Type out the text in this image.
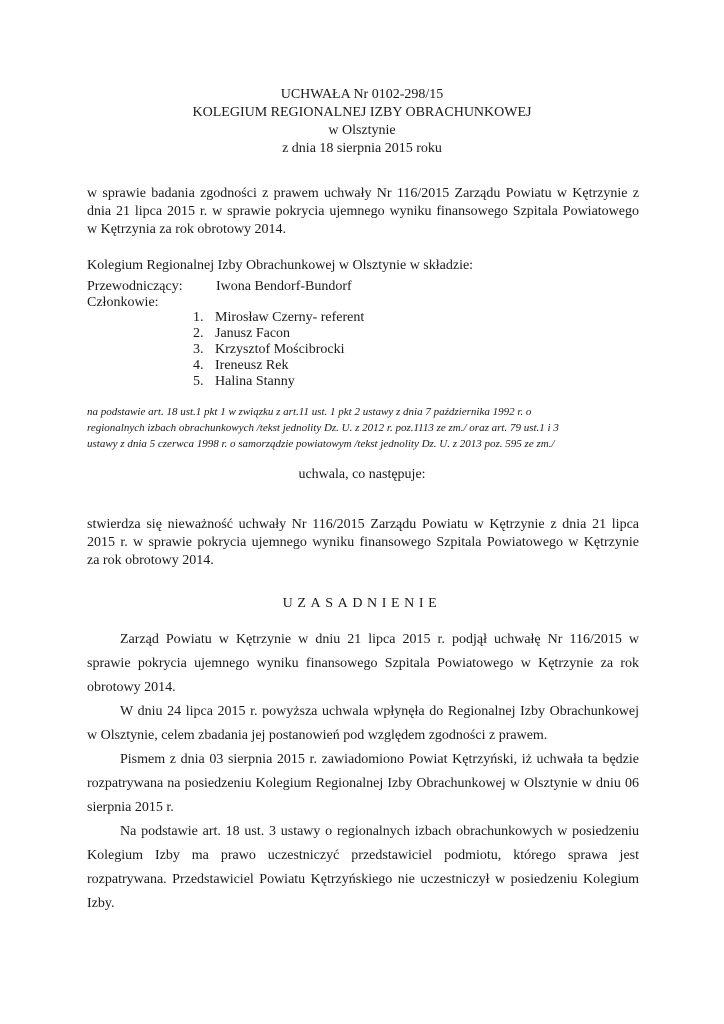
UCHWAŁA Nr 0102-298/15
KOLEGIUM REGIONALNEJ IZBY OBRACHUNKOWEJ
w Olsztynie
z dnia 18 sierpnia 2015 roku
w sprawie badania zgodności z prawem uchwały Nr 116/2015 Zarządu Powiatu w Kętrzynie z
dnia 21 lipca 2015 r. w sprawie pokrycia ujemnego wyniku finansowego Szpitala Powiatowego
w Kętrzynia za rok obrotowy 2014.
Kolegium Regionalnej Izby Obrachunkowej w Olsztynie w składzie:
Przewodniczący: Iwona Bendorf-Bundorf
Członkowie:
1. Mirosław Czerny- referent
2. Janusz Facon
3. Krzysztof Mościbrocki
4. Ireneusz Rek
5. Halina Stanny
na podstawie art. 18 ust.1 pkt 1 w związku z art.11 ust. 1 pkt 2 ustawy z dnia 7 października 1992 r. o
regionalnych izbach obrachunkowych /tekst jednolity Dz. U. z 2012 r. poz.1113 ze zm./ oraz art. 79 ust.1 i 3
ustawy z dnia 5 czerwca 1998 r. o samorządzie powiatowym /tekst jednolity Dz. U. z 2013 poz. 595 ze zm./
uchwala, co następuje:
stwierdza się nieważność uchwały Nr 116/2015 Zarządu Powiatu w Kętrzynie z dnia 21 lipca
2015 r. w sprawie pokrycia ujemnego wyniku finansowego Szpitala Powiatowego w Kętrzynie
za rok obrotowy 2014.
UZASADNIENIE
Zarząd Powiatu w Kętrzynie w dniu 21 lipca 2015 r. podjął uchwałę Nr 116/2015 w
sprawie pokrycia ujemnego wyniku finansowego Szpitala Powiatowego w Kętrzynie za rok
obrotowy 2014.
W dniu 24 lipca 2015 r. powyższa uchwala wpłynęła do Regionalnej Izby Obrachunkowej
w Olsztynie, celem zbadania jej postanowień pod względem zgodności z prawem.
Pismem z dnia 03 sierpnia 2015 r. zawiadomiono Powiat Kętrzyński, iż uchwała ta będzie
rozpatrywana na posiedzeniu Kolegium Regionalnej Izby Obrachunkowej w Olsztynie w dniu 06
sierpnia 2015 r.
Na podstawie art. 18 ust. 3 ustawy o regionalnych izbach obrachunkowych w posiedzeniu
Kolegium Izby ma prawo uczestniczyć przedstawiciel podmiotu, którego sprawa jest
rozpatrywana. Przedstawiciel Powiatu Kętrzyńskiego nie uczestniczył w posiedzeniu Kolegium
Izby.
